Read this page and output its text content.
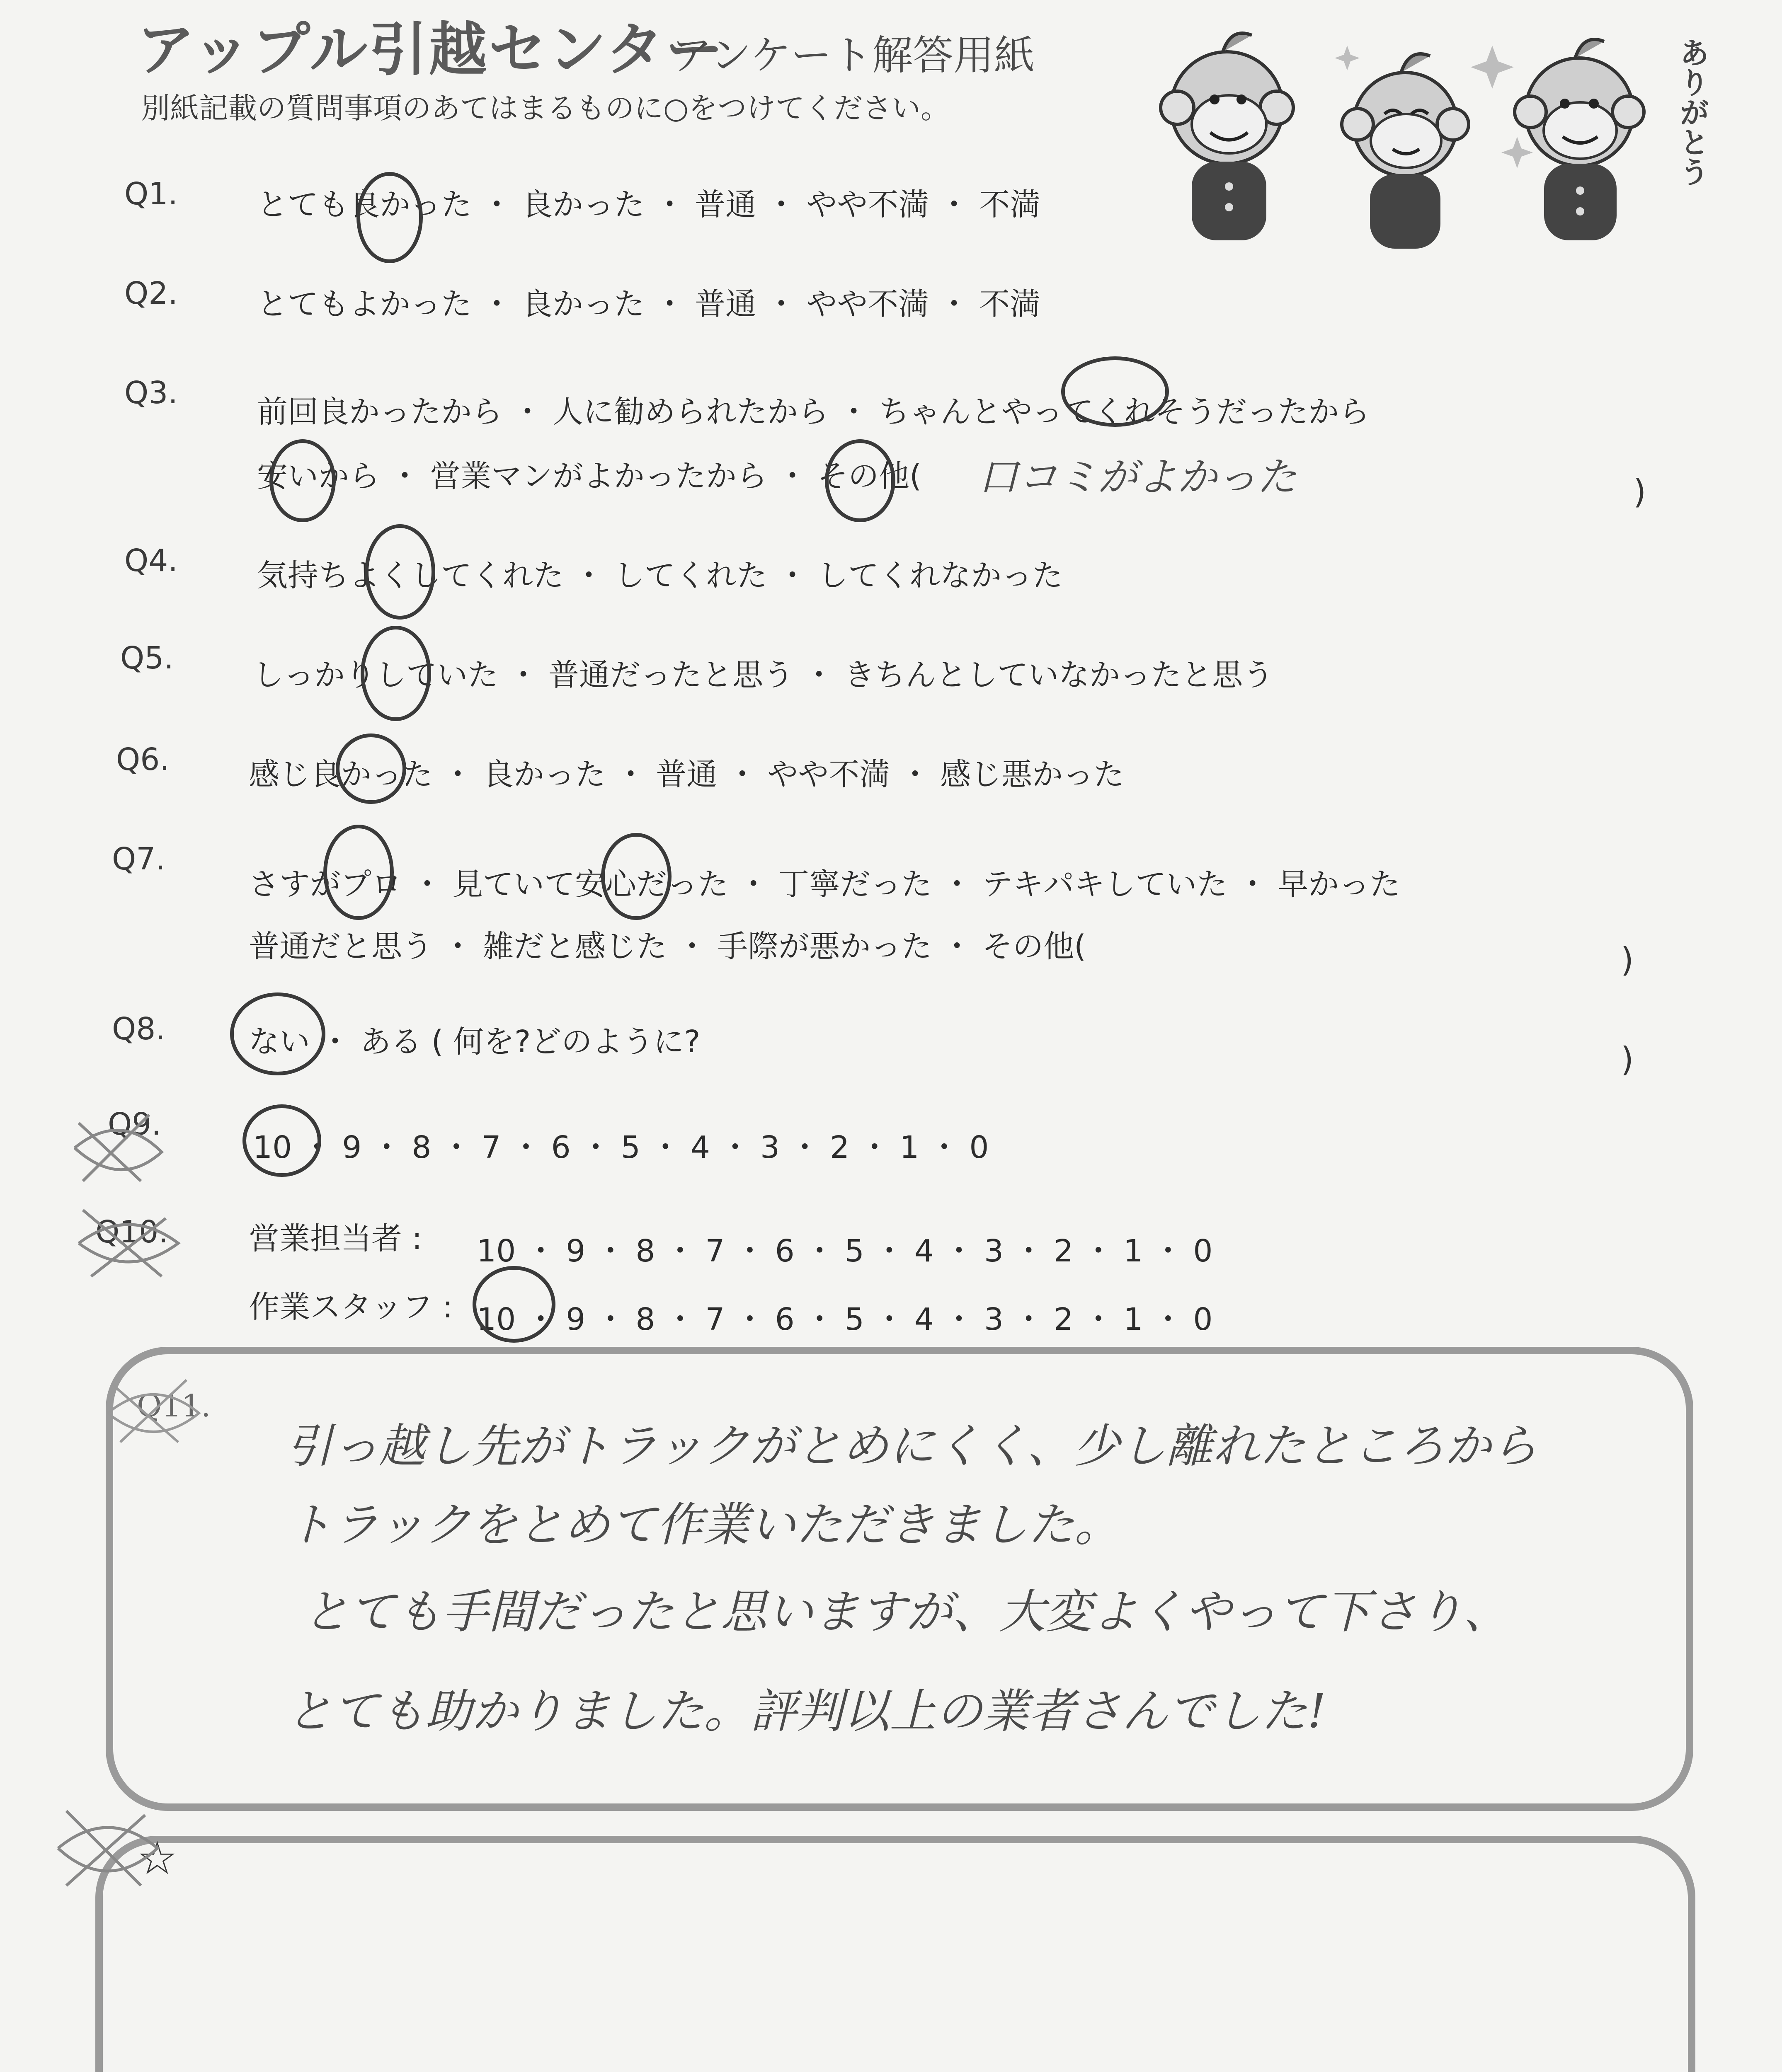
アップル引越センター
アンケート解答用紙
別紙記載の質問事項のあてはまるものに○をつけてください。	ありがとう
Q1.	とても良かった ・ 良かった ・ 普通 ・ やや不満 ・ 不満
Q2.	とてもよかった ・ 良かった ・ 普通 ・ やや不満 ・ 不満
Q3.
前回良かったから ・ 人に勧められたから ・ ちゃんとやってくれそうだったから
安いから ・ 営業マンがよかったから ・ その他( 口コミがよかった	)
Q4.	気持ちよくしてくれた ・ してくれた ・ してくれなかった
Q5.	しっかりしていた ・ 普通だったと思う ・ きちんとしていなかったと思う
Q6.	感じ良かった ・ 良かった ・ 普通 ・ やや不満 ・ 感じ悪かった
Q7.
さすがプロ ・ 見ていて安心だった ・ 丁寧だった ・ テキパキしていた ・ 早かった
普通だと思う ・ 雑だと感じた ・ 手際が悪かった ・ その他(	)
Q8.	ない ・ ある ( 何を?どのように?	)
Q9.
10 ・ 9 ・ 8 ・ 7 ・ 6 ・ 5 ・ 4 ・ 3 ・ 2 ・ 1 ・ 0
Q10.	営業担当者 : 10 ・ 9 ・ 8 ・ 7 ・ 6 ・ 5 ・ 4 ・ 3 ・ 2 ・ 1 ・ 0
作業スタッフ : 10 ・ 9 ・ 8 ・ 7 ・ 6 ・ 5 ・ 4 ・ 3 ・ 2 ・ 1 ・ 0
Q11.
引っ越し先がトラックがとめにくく、少し離れたところから
トラックをとめて作業いただきました。
とても手間だったと思いますが、大変よくやって下さり、
とても助かりました。評判以上の業者さんでした!
☆
